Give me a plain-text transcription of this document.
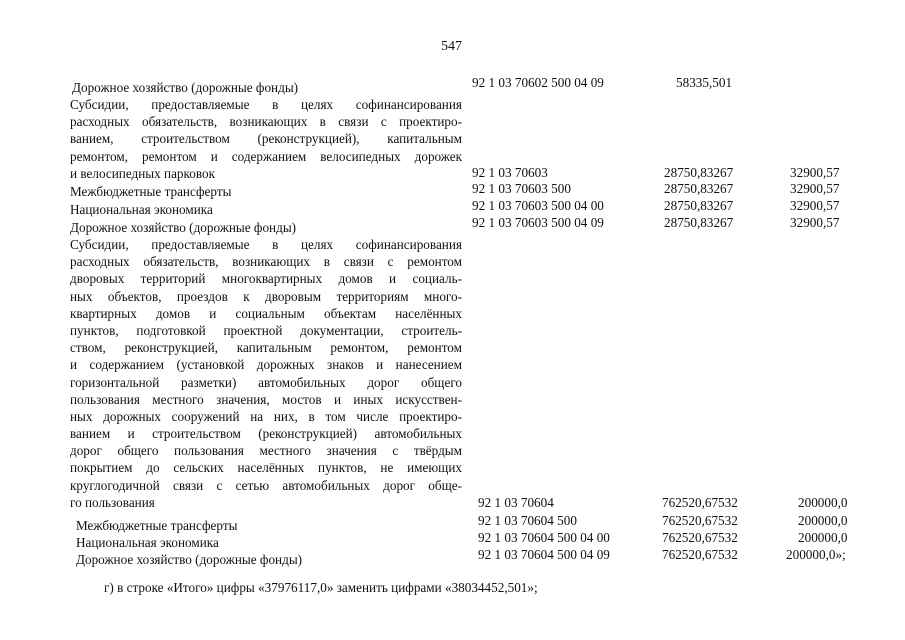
547
Дорожное хозяйство (дорожные фонды)	92 1 03 70602 500 04 09	58335,501
Субсидии, предоставляемые в целях софинансирования
расходных обязательств, возникающих в связи с проектиро-
ванием, строительством (реконструкцией), капитальным
ремонтом, ремонтом и содержанием велосипедных дорожек
и велосипедных парковок	92 1 03 70603	28750,83267	32900,57
Межбюджетные трансферты	92 1 03 70603 500	28750,83267	32900,57
Национальная экономика	92 1 03 70603 500 04 00	28750,83267	32900,57
Дорожное хозяйство (дорожные фонды)	92 1 03 70603 500 04 09	28750,83267	32900,57
Субсидии, предоставляемые в целях софинансирования
расходных обязательств, возникающих в связи с ремонтом
дворовых территорий многоквартирных домов и социаль-
ных объектов, проездов к дворовым территориям много-
квартирных домов и социальным объектам населённых
пунктов, подготовкой проектной документации, строитель-
ством, реконструкцией, капитальным ремонтом, ремонтом
и содержанием (установкой дорожных знаков и нанесением
горизонтальной разметки) автомобильных дорог общего
пользования местного значения, мостов и иных искусствен-
ных дорожных сооружений на них, в том числе проектиро-
ванием и строительством (реконструкцией) автомобильных
дорог общего пользования местного значения с твёрдым
покрытием до сельских населённых пунктов, не имеющих
круглогодичной связи с сетью автомобильных дорог обще-
го пользования	92 1 03 70604	762520,67532	200000,0
Межбюджетные трансферты	92 1 03 70604 500	762520,67532	200000,0
Национальная экономика	92 1 03 70604 500 04 00	762520,67532	200000,0
Дорожное хозяйство (дорожные фонды)	92 1 03 70604 500 04 09	762520,67532	200000,0»;
г) в строке «Итого» цифры «37976117,0» заменить цифрами «38034452,501»;
